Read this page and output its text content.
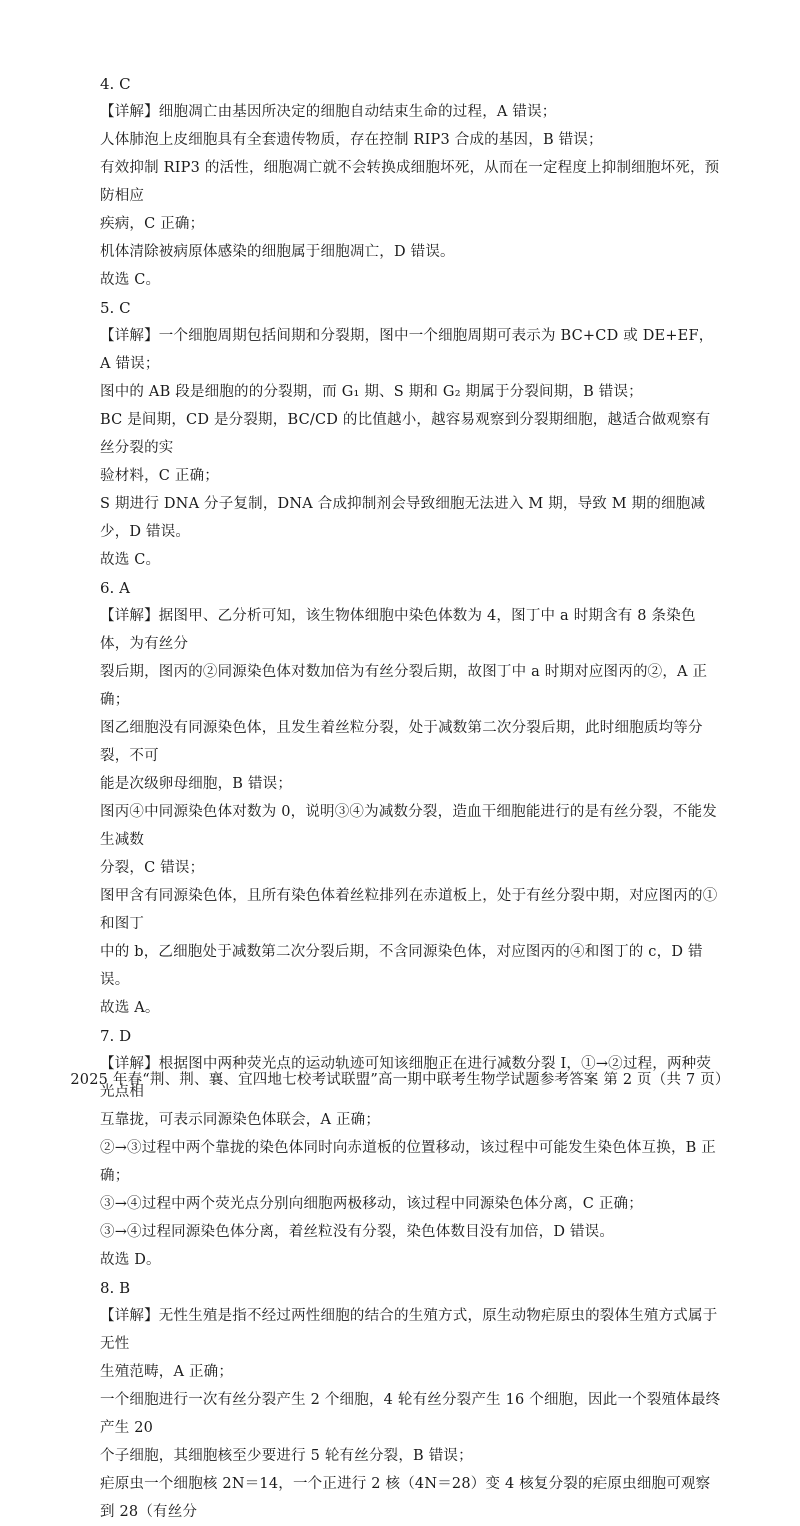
4. C

【详解】细胞凋亡由基因所决定的细胞自动结束生命的过程，A 错误；

人体肺泡上皮细胞具有全套遗传物质，存在控制 RIP3 合成的基因，B 错误；

有效抑制 RIP3 的活性，细胞凋亡就不会转换成细胞坏死，从而在一定程度上抑制细胞坏死，预防相应

疾病，C 正确；

机体清除被病原体感染的细胞属于细胞凋亡，D 错误。

故选 C。

5. C

【详解】一个细胞周期包括间期和分裂期，图中一个细胞周期可表示为 BC+CD 或 DE+EF，A 错误；

图中的 AB 段是细胞的的分裂期，而 G₁ 期、S 期和 G₂ 期属于分裂间期，B 错误；

BC 是间期，CD 是分裂期，BC/CD 的比值越小，越容易观察到分裂期细胞，越适合做观察有丝分裂的实

验材料，C 正确；

S 期进行 DNA 分子复制，DNA 合成抑制剂会导致细胞无法进入 M 期，导致 M 期的细胞减少，D 错误。

故选 C。

6. A

【详解】据图甲、乙分析可知，该生物体细胞中染色体数为 4，图丁中 a 时期含有 8 条染色体，为有丝分

裂后期，图丙的②同源染色体对数加倍为有丝分裂后期，故图丁中 a 时期对应图丙的②，A 正确；

图乙细胞没有同源染色体，且发生着丝粒分裂，处于减数第二次分裂后期，此时细胞质均等分裂，不可

能是次级卵母细胞，B 错误；

图丙④中同源染色体对数为 0，说明③④为减数分裂，造血干细胞能进行的是有丝分裂，不能发生减数

分裂，C 错误；

图甲含有同源染色体，且所有染色体着丝粒排列在赤道板上，处于有丝分裂中期，对应图丙的①和图丁

中的 b，乙细胞处于减数第二次分裂后期，不含同源染色体，对应图丙的④和图丁的 c，D 错误。

故选 A。

7. D

【详解】根据图中两种荧光点的运动轨迹可知该细胞正在进行减数分裂 Ⅰ，①→②过程，两种荧光点相

互靠拢，可表示同源染色体联会，A 正确；

②→③过程中两个靠拢的染色体同时向赤道板的位置移动，该过程中可能发生染色体互换，B 正确；

③→④过程中两个荧光点分别向细胞两极移动，该过程中同源染色体分离，C 正确；

③→④过程同源染色体分离，着丝粒没有分裂，染色体数目没有加倍，D 错误。

故选 D。

8. B

【详解】无性生殖是指不经过两性细胞的结合的生殖方式，原生动物疟原虫的裂体生殖方式属于无性

生殖范畴，A 正确；

一个细胞进行一次有丝分裂产生 2 个细胞，4 轮有丝分裂产生 16 个细胞，因此一个裂殖体最终产生 20

个子细胞，其细胞核至少要进行 5 轮有丝分裂，B 错误；

疟原虫一个细胞核 2N＝14，一个正进行 2 核（4N＝28）变 4 核复分裂的疟原虫细胞可观察到 28（有丝分

2025 年春“荆、荆、襄、宜四地七校考试联盟”高一期中联考生物学试题参考答案 第 2 页（共 7 页）
